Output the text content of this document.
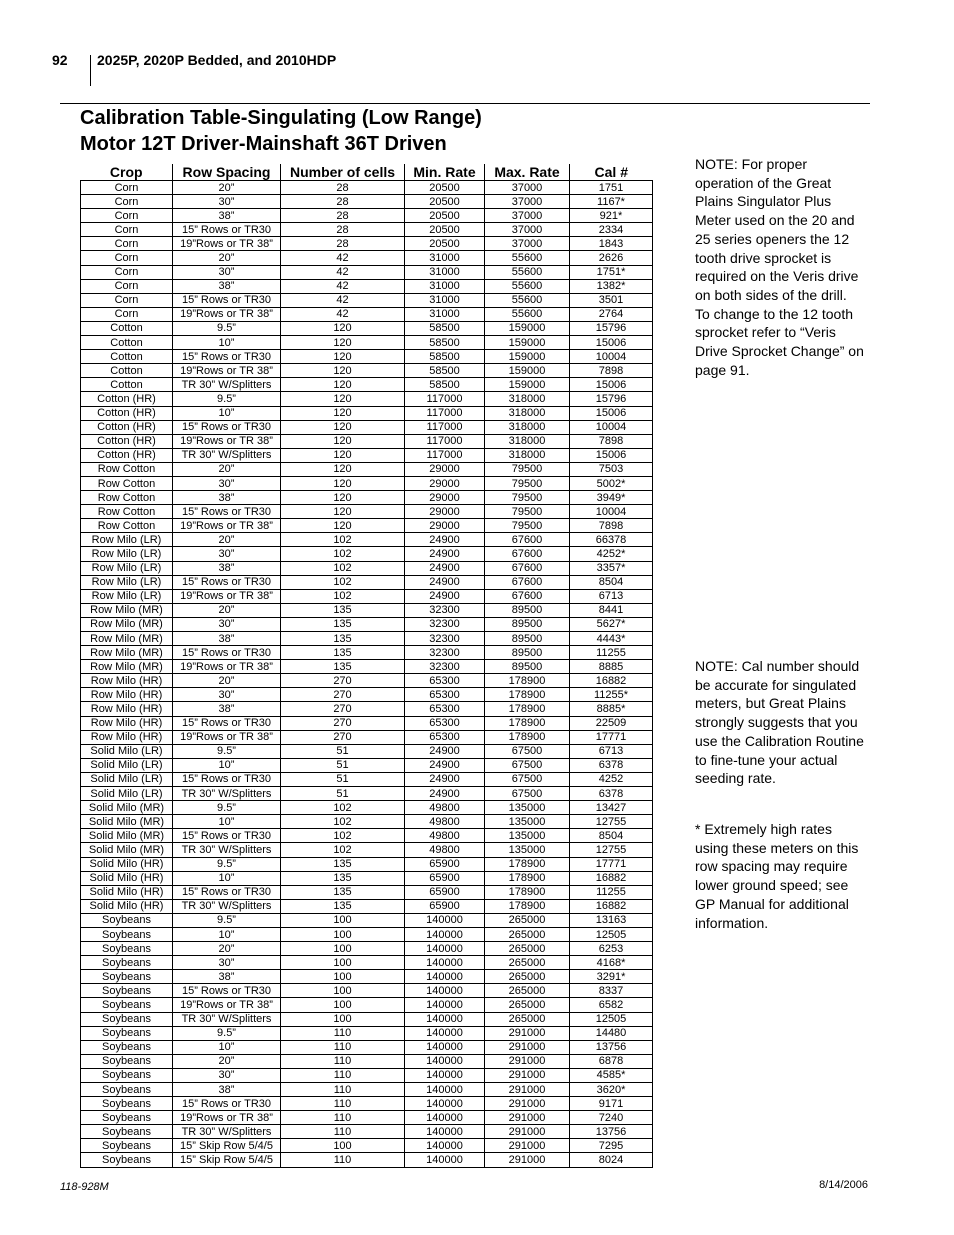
92 2025P, 2020P Bedded, and 2010HDP
Calibration Table-Singulating (Low Range)
Motor 12T Driver-Mainshaft 36T Driven
Crop	Row Spacing	Number of cells	Min. Rate	Max. Rate	Cal #
Corn	20”	28	20500	37000	1751
Corn	30”	28	20500	37000	1167*
Corn	38”	28	20500	37000	921*
Corn	15” Rows or TR30	28	20500	37000	2334
Corn	19”Rows or TR 38”	28	20500	37000	1843
Corn	20”	42	31000	55600	2626
Corn	30”	42	31000	55600	1751*
Corn	38”	42	31000	55600	1382*
Corn	15” Rows or TR30	42	31000	55600	3501
Corn	19”Rows or TR 38”	42	31000	55600	2764
Cotton	9.5”	120	58500	159000	15796
Cotton	10”	120	58500	159000	15006
Cotton	15” Rows or TR30	120	58500	159000	10004
Cotton	19”Rows or TR 38”	120	58500	159000	7898
Cotton	TR 30” W/Splitters	120	58500	159000	15006
Cotton (HR)	9.5”	120	117000	318000	15796
Cotton (HR)	10”	120	117000	318000	15006
Cotton (HR)	15” Rows or TR30	120	117000	318000	10004
Cotton (HR)	19”Rows or TR 38”	120	117000	318000	7898
Cotton (HR)	TR 30” W/Splitters	120	117000	318000	15006
Row Cotton	20”	120	29000	79500	7503
Row Cotton	30”	120	29000	79500	5002*
Row Cotton	38”	120	29000	79500	3949*
Row Cotton	15” Rows or TR30	120	29000	79500	10004
Row Cotton	19”Rows or TR 38”	120	29000	79500	7898
Row Milo (LR)	20”	102	24900	67600	66378
Row Milo (LR)	30”	102	24900	67600	4252*
Row Milo (LR)	38”	102	24900	67600	3357*
Row Milo (LR)	15” Rows or TR30	102	24900	67600	8504
Row Milo (LR)	19”Rows or TR 38”	102	24900	67600	6713
Row Milo (MR)	20”	135	32300	89500	8441
Row Milo (MR)	30”	135	32300	89500	5627*
Row Milo (MR)	38”	135	32300	89500	4443*
Row Milo (MR)	15” Rows or TR30	135	32300	89500	11255
Row Milo (MR)	19”Rows or TR 38”	135	32300	89500	8885
Row Milo (HR)	20”	270	65300	178900	16882
Row Milo (HR)	30”	270	65300	178900	11255*
Row Milo (HR)	38”	270	65300	178900	8885*
Row Milo (HR)	15” Rows or TR30	270	65300	178900	22509
Row Milo (HR)	19”Rows or TR 38”	270	65300	178900	17771
Solid Milo (LR)	9.5”	51	24900	67500	6713
Solid Milo (LR)	10”	51	24900	67500	6378
Solid Milo (LR)	15” Rows or TR30	51	24900	67500	4252
Solid Milo (LR)	TR 30” W/Splitters	51	24900	67500	6378
Solid Milo (MR)	9.5”	102	49800	135000	13427
Solid Milo (MR)	10”	102	49800	135000	12755
Solid Milo (MR)	15” Rows or TR30	102	49800	135000	8504
Solid Milo (MR)	TR 30” W/Splitters	102	49800	135000	12755
Solid Milo (HR)	9.5”	135	65900	178900	17771
Solid Milo (HR)	10”	135	65900	178900	16882
Solid Milo (HR)	15” Rows or TR30	135	65900	178900	11255
Solid Milo (HR)	TR 30” W/Splitters	135	65900	178900	16882
Soybeans	9.5”	100	140000	265000	13163
Soybeans	10”	100	140000	265000	12505
Soybeans	20”	100	140000	265000	6253
Soybeans	30”	100	140000	265000	4168*
Soybeans	38”	100	140000	265000	3291*
Soybeans	15” Rows or TR30	100	140000	265000	8337
Soybeans	19”Rows or TR 38”	100	140000	265000	6582
Soybeans	TR 30” W/Splitters	100	140000	265000	12505
Soybeans	9.5”	110	140000	291000	14480
Soybeans	10”	110	140000	291000	13756
Soybeans	20”	110	140000	291000	6878
Soybeans	30”	110	140000	291000	4585*
Soybeans	38”	110	140000	291000	3620*
Soybeans	15” Rows or TR30	110	140000	291000	9171
Soybeans	19”Rows or TR 38”	110	140000	291000	7240
Soybeans	TR 30” W/Splitters	110	140000	291000	13756
Soybeans	15” Skip Row 5/4/5	100	140000	291000	7295
Soybeans	15” Skip Row 5/4/5	110	140000	291000	8024

NOTE: For proper operation of the Great Plains Singulator Plus Meter used on the 20 and 25 series openers the 12 tooth drive sprocket is required on the Veris drive on both sides of the drill. To change to the 12 tooth sprocket refer to “Veris Drive Sprocket Change” on page 91.

NOTE: Cal number should be accurate for singulated meters, but Great Plains strongly suggests that you use the Calibration Routine to fine-tune your actual seeding rate.

* Extremely high rates using these meters on this row spacing may require lower ground speed; see GP Manual for additional information.

118-928M	8/14/2006
